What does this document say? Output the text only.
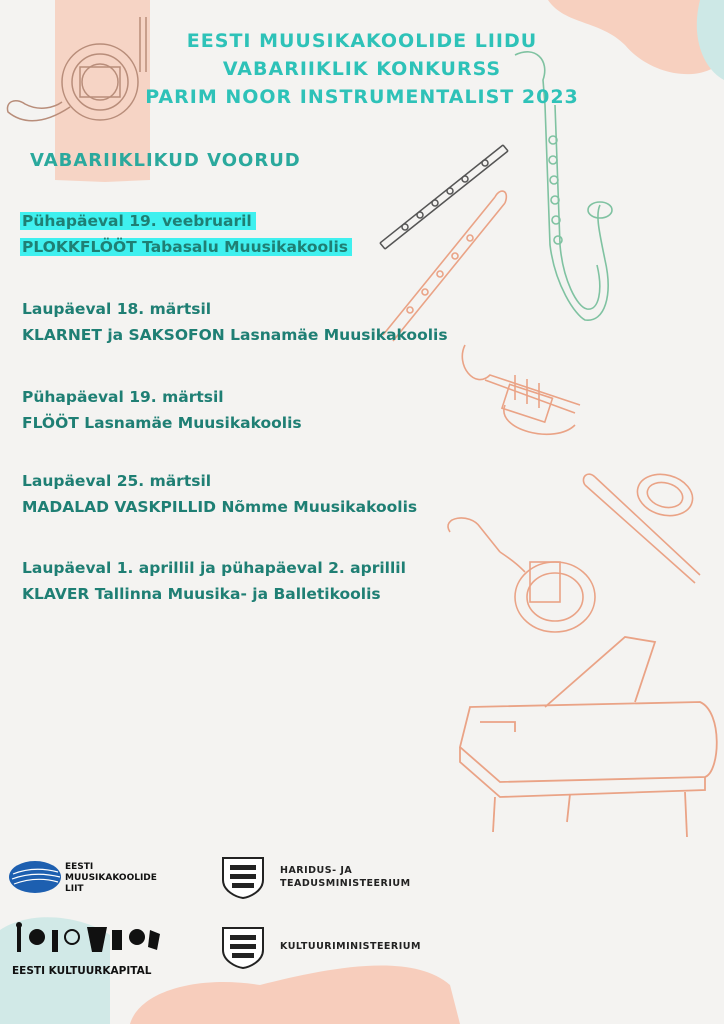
EESTI MUUSIKAKOOLIDE LIIDU
VABARIIKLIK KONKURSS
PARIM NOOR INSTRUMENTALIST 2023
VABARIIKLIKUD VOORUD
Pühapäeval 19. veebruaril
PLOKKFLÖÖT Tabasalu Muusikakoolis
Laupäeval 18. märtsil
KLARNET ja SAKSOFON Lasnamäe Muusikakoolis
Pühapäeval 19. märtsil
FLÖÖT Lasnamäe Muusikakoolis
Laupäeval 25. märtsil
MADALAD VASKPILLID Nõmme Muusikakoolis
Laupäeval 1. aprillil ja pühapäeval 2. aprillil
KLAVER Tallinna Muusika- ja Balletikoolis
EESTI
MUUSIKAKOOLIDE
LIIT
EESTI KULTUURKAPITAL
HARIDUS- JA
TEADUSMINISTEERIUM
KULTUURIMINISTEERIUM
